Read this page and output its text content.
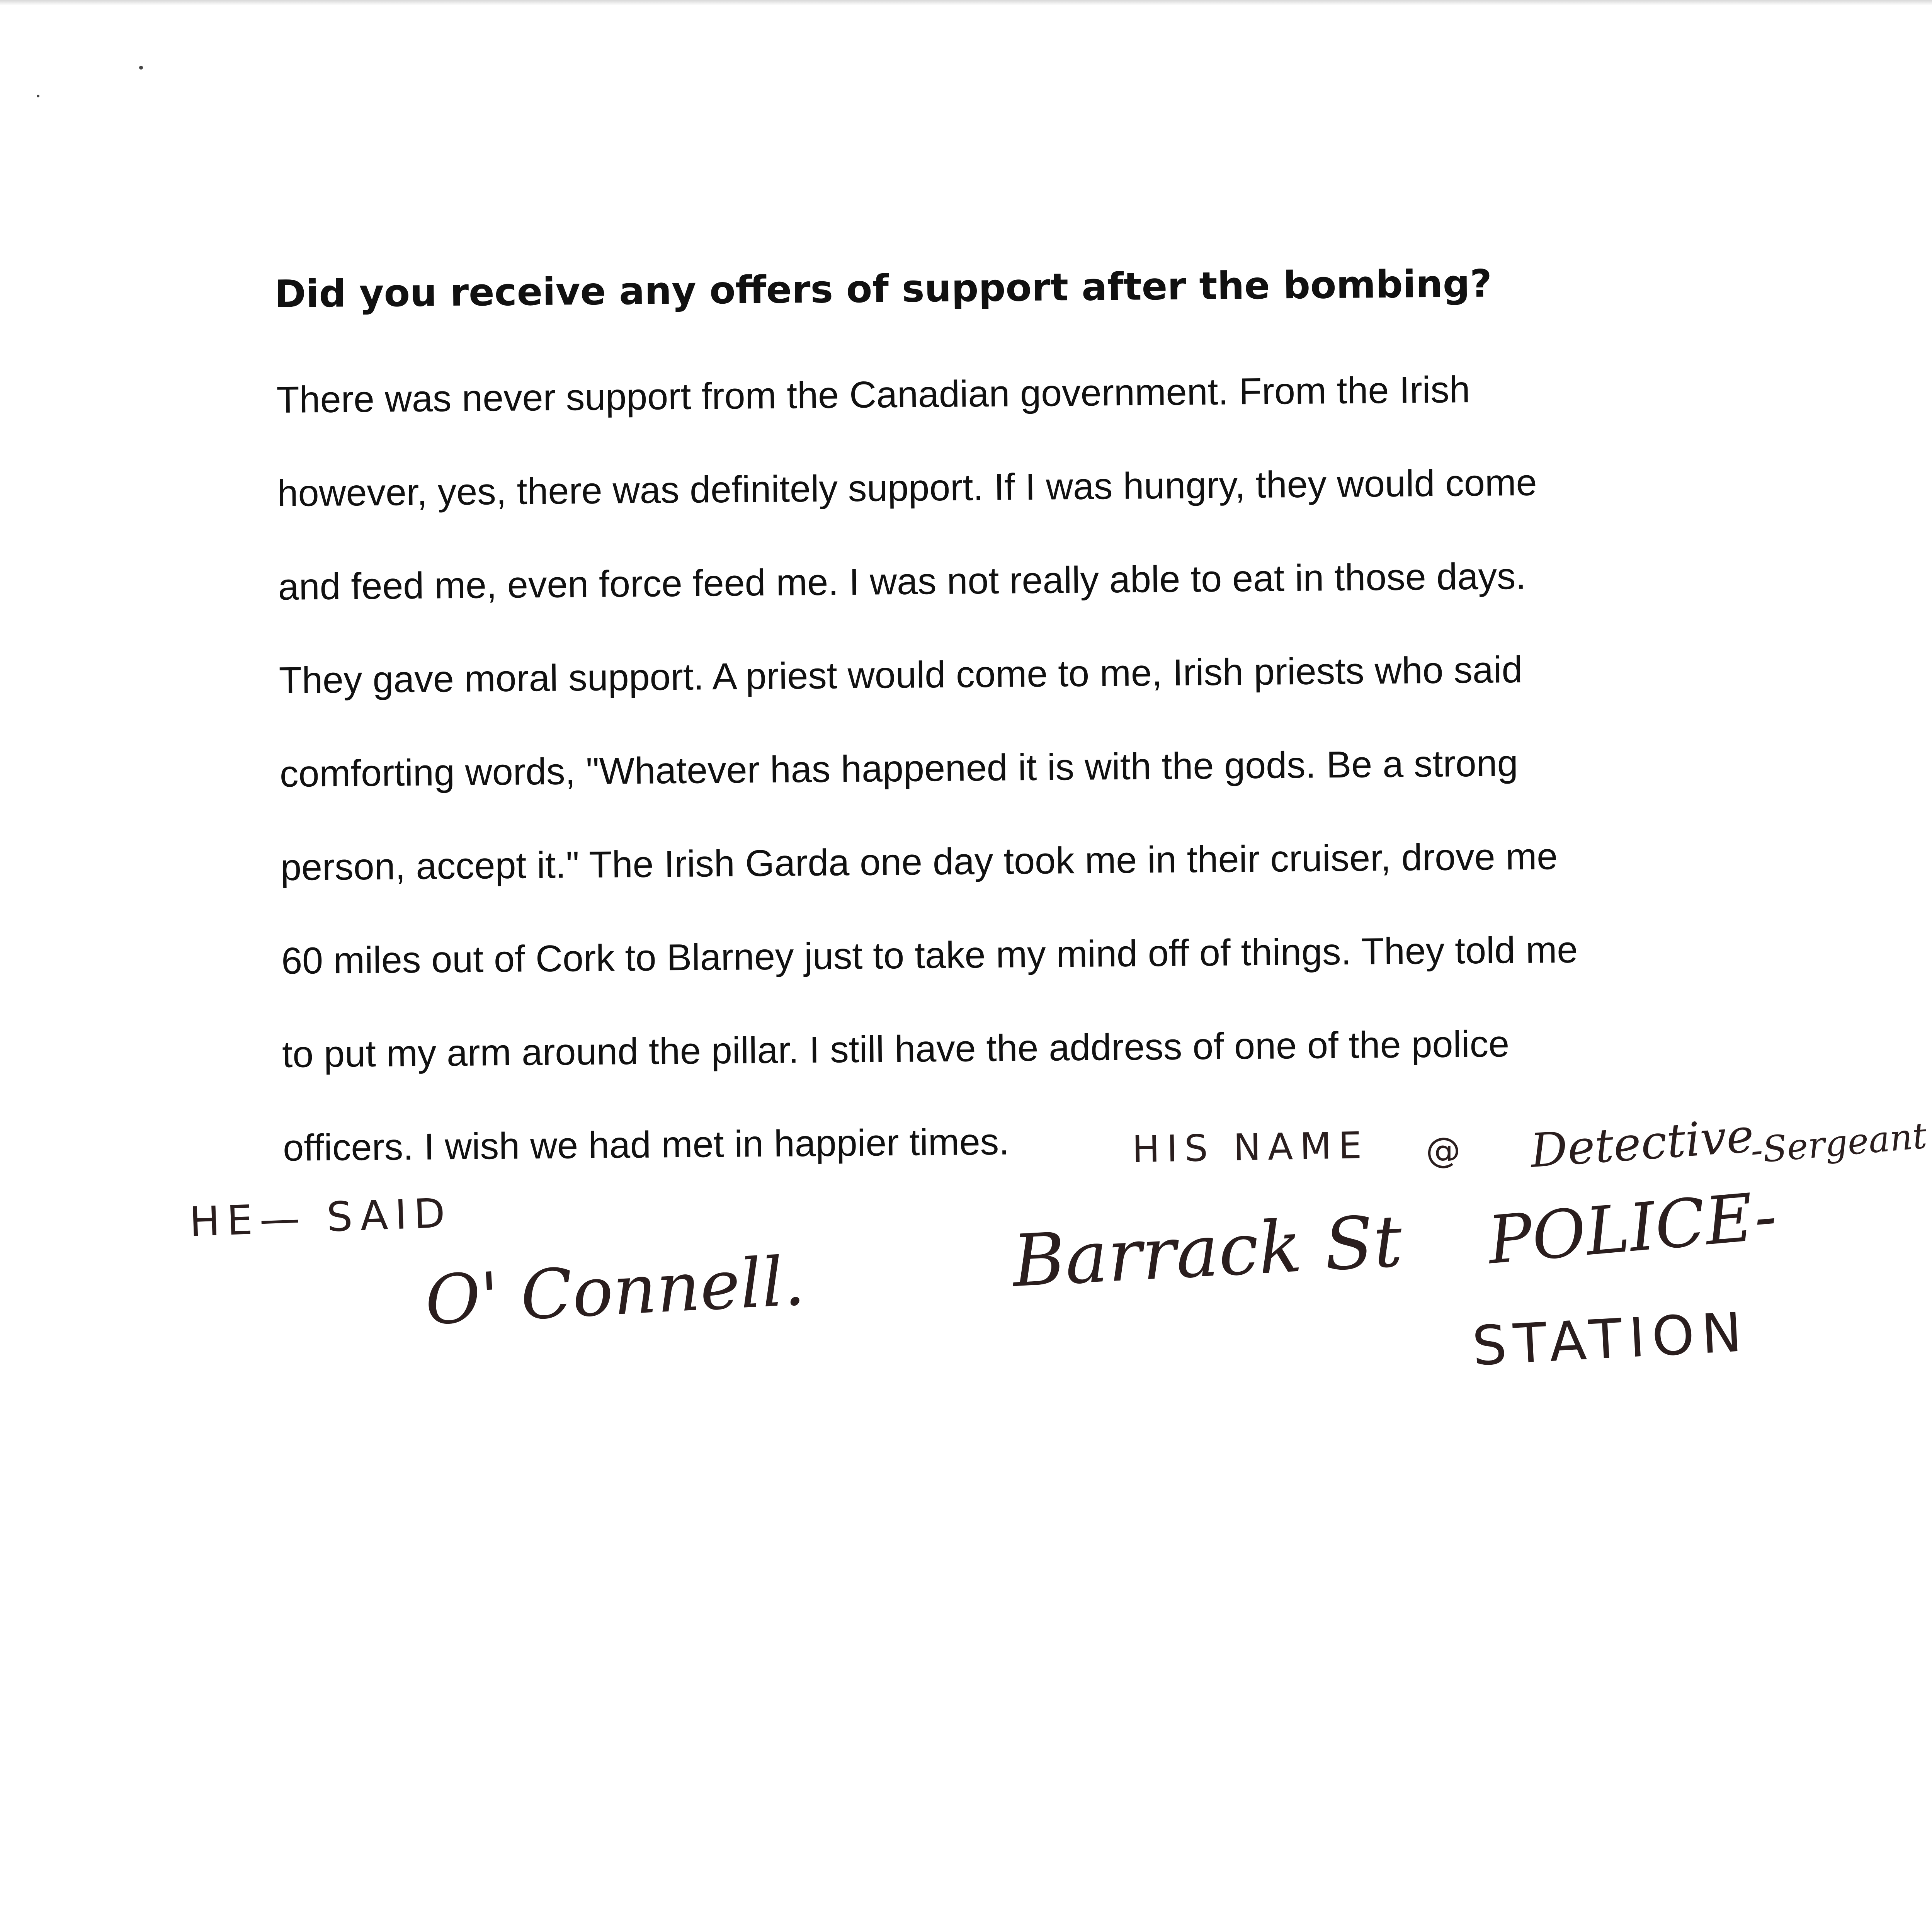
Did you receive any offers of support after the bombing?
There was never support from the Canadian government. From the Irish
however, yes, there was definitely support. If I was hungry, they would come
and feed me, even force feed me. I was not really able to eat in those days.
They gave moral support. A priest would come to me, Irish priests who said
comforting words, "Whatever has happened it is with the gods. Be a strong
person, accept it." The Irish Garda one day took me in their cruiser, drove me
60 miles out of Cork to Blarney just to take my mind off of things. They told me
to put my arm around the pillar. I still have the address of one of the police
officers. I wish we had met in happier times.	HIS NAME @ Detective
-Sergeant
HE— SAID
O' Connell.	Barrack St POLICE-
STATION
